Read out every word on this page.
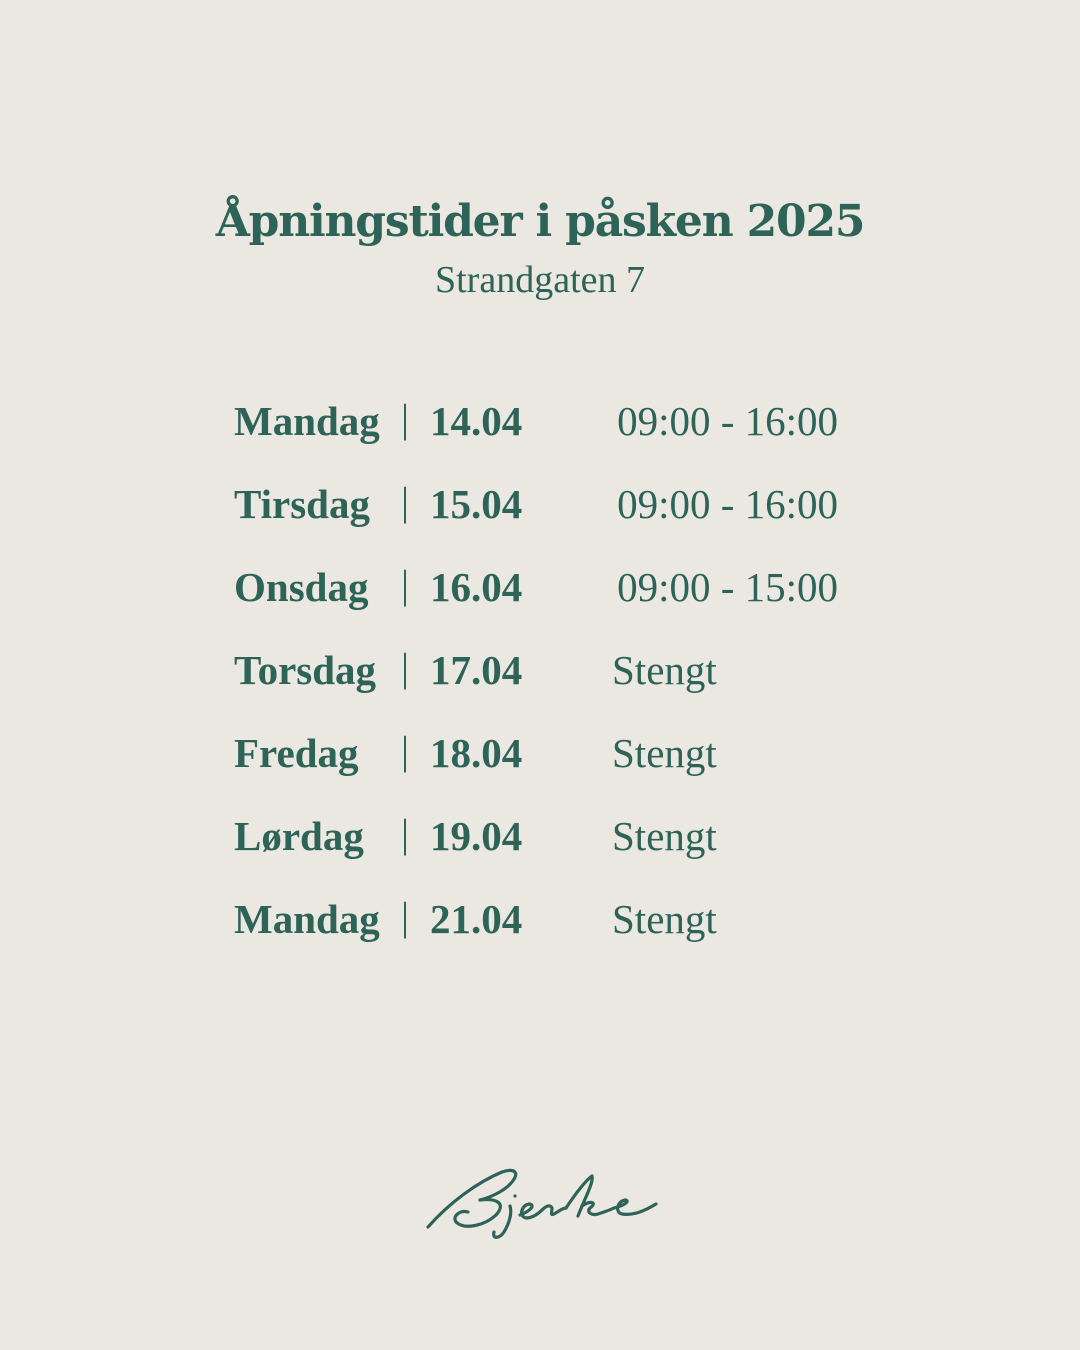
Åpningstider i påsken 2025

Strandgaten 7

Mandag | 14.04 09:00 - 16:00
Tirsdag | 15.04 09:00 - 16:00
Onsdag | 16.04 09:00 - 15:00
Torsdag | 17.04 Stengt
Fredag | 18.04 Stengt
Lørdag | 19.04 Stengt
Mandag | 21.04 Stengt
